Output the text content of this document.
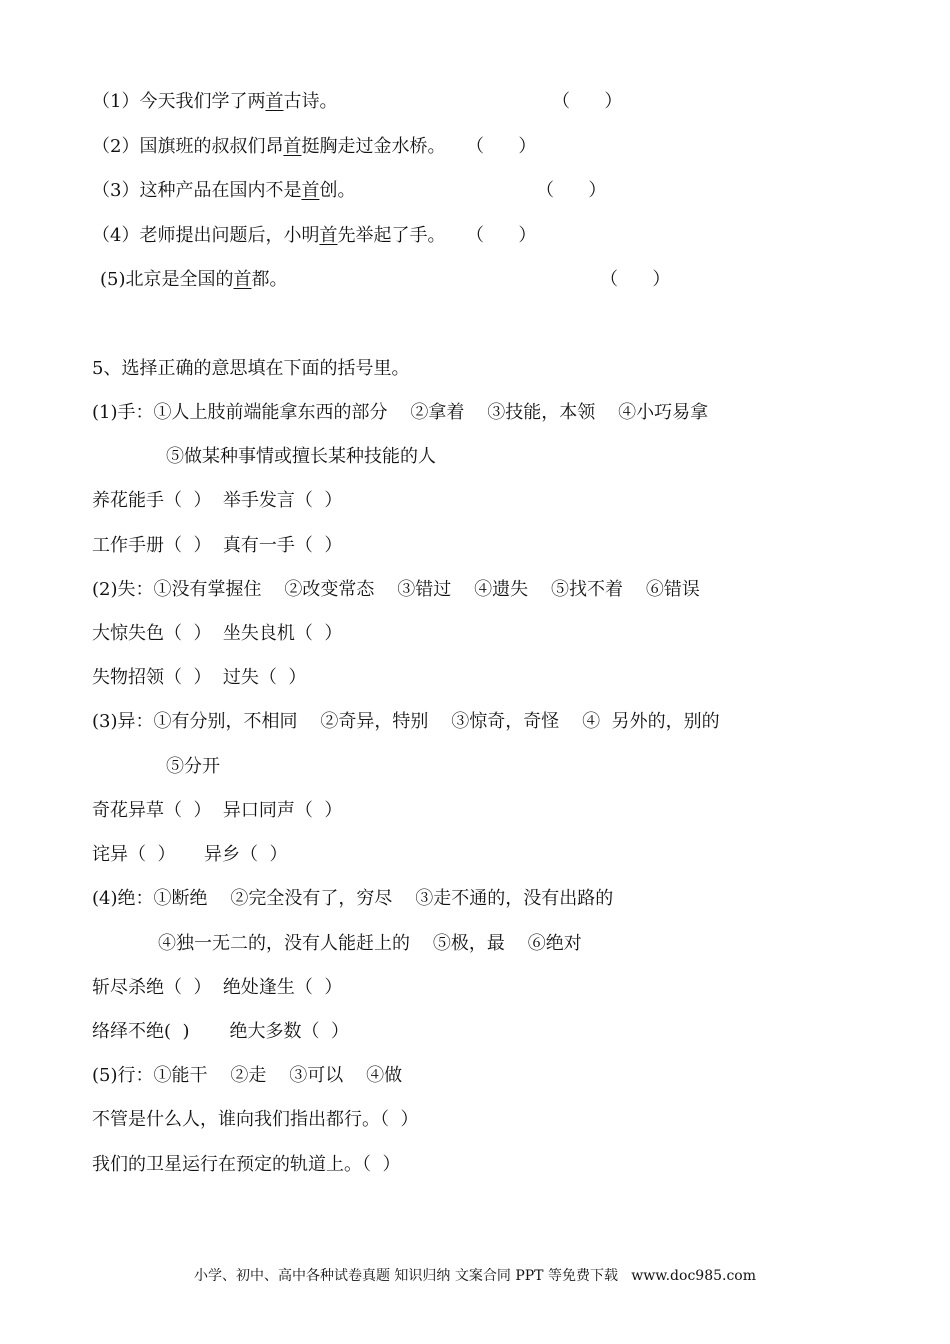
（1）今天我们学了两首古诗。	（      ）
（2）国旗班的叔叔们昂首挺胸走过金水桥。 （      ）
（3）这种产品在国内不是首创。	（      ）
（4）老师提出问题后，小明首先举起了手。 （      ）
(5)北京是全国的首都。	（      ）
5、选择正确的意思填在下面的括号里。
(1)手：①人上肢前端能拿东西的部分    ②拿着    ③技能，本领    ④小巧易拿
⑤做某种事情或擅长某种技能的人
养花能手（  ）  举手发言（  ）
工作手册（  ）  真有一手（  ）
(2)失：①没有掌握住    ②改变常态    ③错过    ④遗失    ⑤找不着    ⑥错误
大惊失色（  ）  坐失良机（  ）
失物招领（  ）  过失（  ）
(3)异：①有分别，不相同    ②奇异，特别    ③惊奇，奇怪    ④  另外的，别的
⑤分开
奇花异草（  ）  异口同声（  ）
诧异（  ）     异乡（  ）
(4)绝：①断绝    ②完全没有了，穷尽    ③走不通的，没有出路的
④独一无二的，没有人能赶上的    ⑤极，最    ⑥绝对
斩尽杀绝（  ）  绝处逢生（  ）
络绎不绝(  )       绝大多数（  ）
(5)行：①能干    ②走    ③可以    ④做
不管是什么人，谁向我们指出都行。（  ）
我们的卫星运行在预定的轨道上。（  ）
小学、初中、高中各种试卷真题 知识归纳 文案合同 PPT 等免费下载   www.doc985.com
